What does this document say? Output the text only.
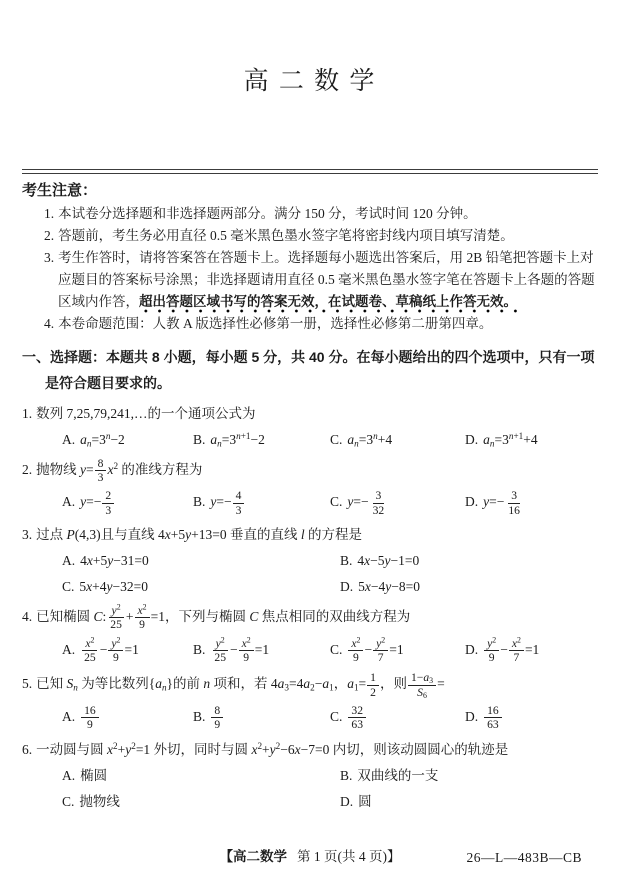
高 二 数 学
考生注意：
1. 本试卷分选择题和非选择题两部分。满分 150 分，考试时间 120 分钟。
2. 答题前，考生务必用直径 0.5 毫米黑色墨水签字笔将密封线内项目填写清楚。
3. 考生作答时，请将答案答在答题卡上。选择题每小题选出答案后，用 2B 铅笔把答题卡上对应题目的答案标号涂黑；非选择题请用直径 0.5 毫米黑色墨水签字笔在答题卡上各题的答题区域内作答，超出答题区域书写的答案无效，在试题卷、草稿纸上作答无效。
4. 本卷命题范围：人教 A 版选择性必修第一册，选择性必修第二册第四章。
一、选择题：本题共 8 小题，每小题 5 分，共 40 分。在每小题给出的四个选项中，只有一项是符合题目要求的。
1. 数列 7,25,79,241,…的一个通项公式为
A. $a_n=3^n-2$	B. $a_n=3^{n+1}-2$	C. $a_n=3^n+4$	D. $a_n=3^{n+1}+4$
2. 抛物线 $y= \frac{8}{3} x^2$ 的准线方程为
A. $y=- \frac{2}{3}$	B. $y=- \frac{4}{3}$	C. $y=- \frac{3}{32}$	D. $y=- \frac{3}{16}$
3. 过点 P(4,3)且与直线 4x+5y+13=0 垂直的直线 l 的方程是
A. 4x+5y−31=0	B. 4x−5y−1=0
C. 5x+4y−32=0	D. 5x−4y−8=0
4. 已知椭圆 C: $\frac{y^2}{25} + \frac{x^2}{9} =1$，下列与椭圆 C 焦点相同的双曲线方程为
A. $\frac{x^2}{25} - \frac{y^2}{9} =1$	B. $\frac{y^2}{25} - \frac{x^2}{9} =1$	C. $\frac{x^2}{9} - \frac{y^2}{7} =1$	D. $\frac{y^2}{9} - \frac{x^2}{7} =1$
5. 已知 $S_n$ 为等比数列$\{a_n\}$的前 n 项和，若 $4a_3=4a_2-a_1$，$a_1= \frac{1}{2}$ ，则 $\frac{1-a_3}{S_6}$ =
A. $\frac{16}{9}$	B. $\frac{8}{9}$	C. $\frac{32}{63}$	D. $\frac{16}{63}$
6. 一动圆与圆 $x^2+y^2=1$ 外切，同时与圆 $x^2+y^2-6x-7=0$ 内切，则该动圆圆心的轨迹是
A. 椭圆	B. 双曲线的一支
C. 抛物线	D. 圆
【高二数学 第 1 页(共 4 页)】	26—L—483B—CB
